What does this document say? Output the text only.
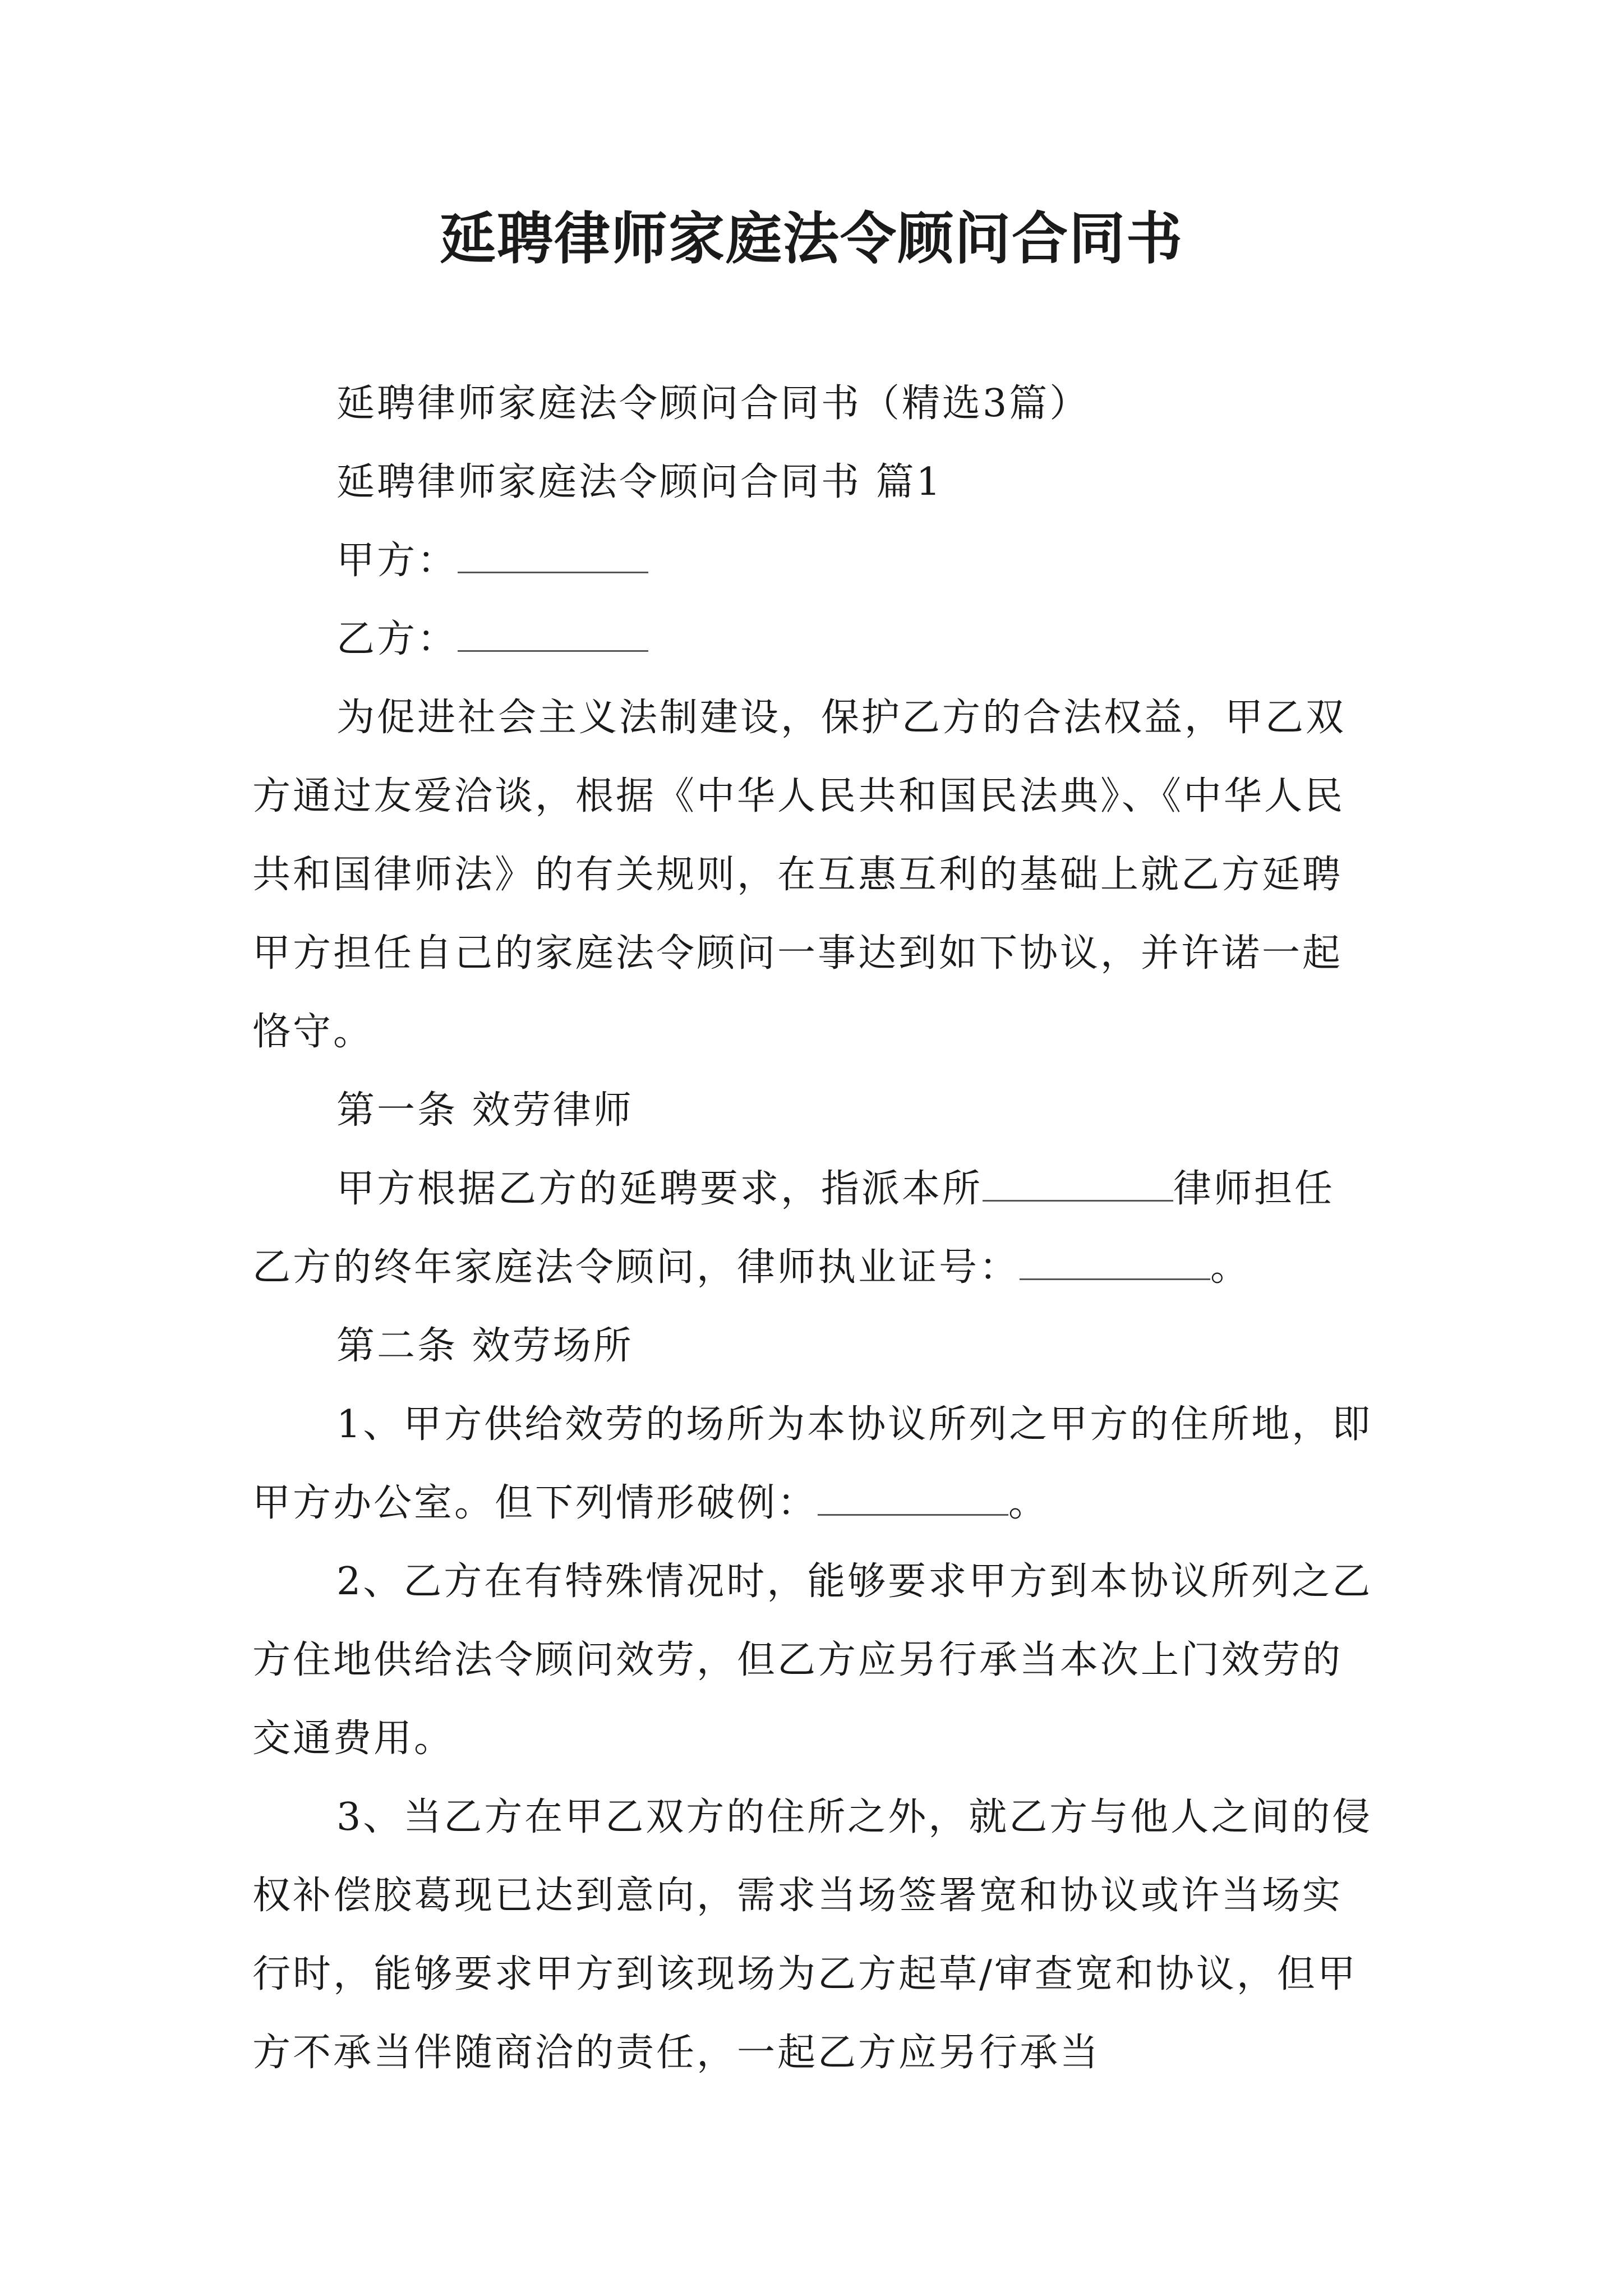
延聘律师家庭法令顾问合同书

延聘律师家庭法令顾问合同书（精选3篇）

延聘律师家庭法令顾问合同书 篇1

甲方：

乙方：

为促进社会主义法制建设，保护乙方的合法权益，甲乙双方通过友爱洽谈，根据《中华人民共和国民法典》、《中华人民共和国律师法》的有关规则，在互惠互利的基础上就乙方延聘甲方担任自己的家庭法令顾问一事达到如下协议，并许诺一起恪守。

第一条 效劳律师

甲方根据乙方的延聘要求，指派本所	律师担任乙方的终年家庭法令顾问，律师执业证号：	。

第二条 效劳场所

1、甲方供给效劳的场所为本协议所列之甲方的住所地，即甲方办公室。但下列情形破例：	。

2、乙方在有特殊情况时，能够要求甲方到本协议所列之乙方住地供给法令顾问效劳，但乙方应另行承当本次上门效劳的交通费用。

3、当乙方在甲乙双方的住所之外，就乙方与他人之间的侵权补偿胶葛现已达到意向，需求当场签署宽和协议或许当场实行时，能够要求甲方到该现场为乙方起草/审查宽和协议，但甲方不承当伴随商洽的责任，一起乙方应另行承当
